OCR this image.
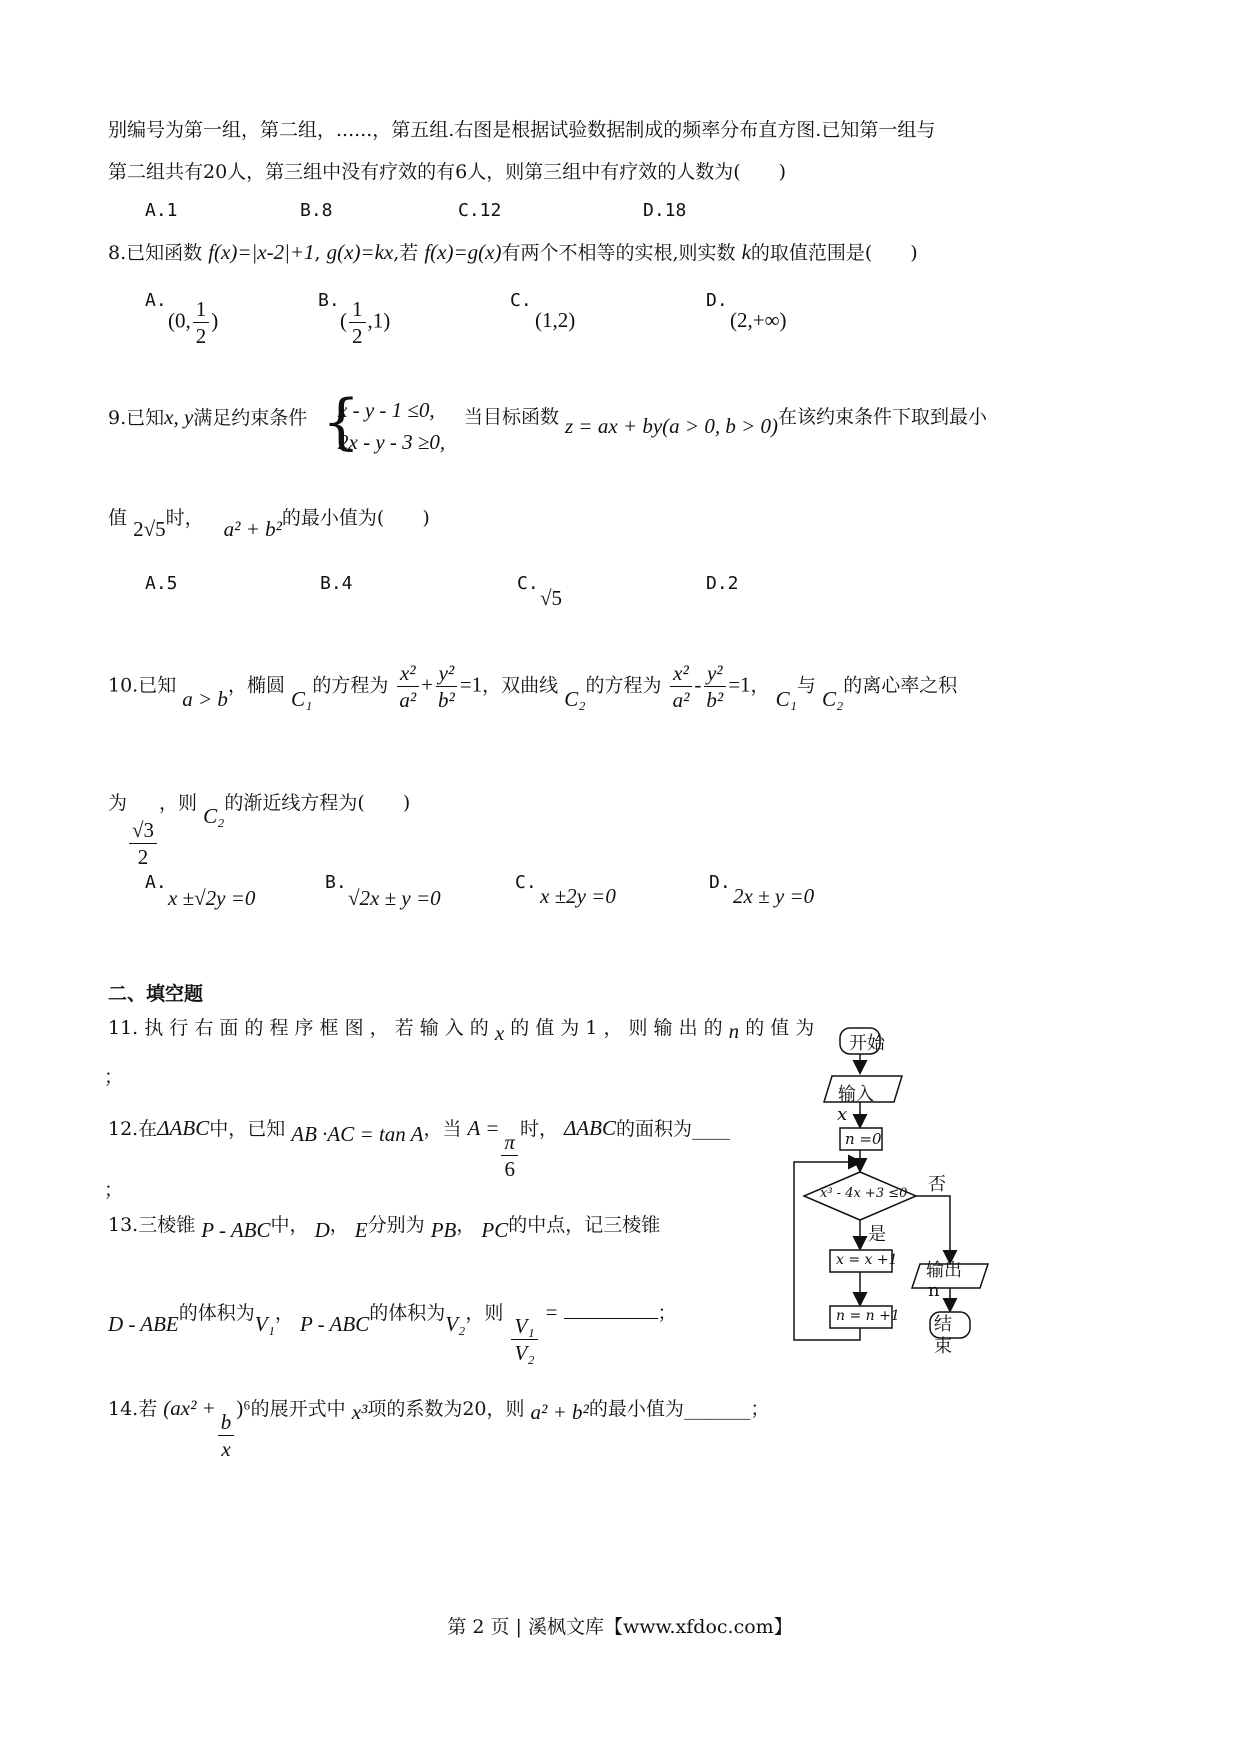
别编号为第一组，第二组，......，第五组.右图是根据试验数据制成的频率分布直方图.已知第一组与
第二组共有20人，第三组中没有疗效的有6人，则第三组中有疗效的人数为(　　)
A.1	B.8	C.12	D.18
8.已知函数 f(x)=|x-2|+1, g(x)=kx,若 f(x)=g(x)有两个不相等的实根,则实数 k的取值范围是(　　)
A.
(0, $\frac{1}{2}$ )
B.
( $\frac{1}{2} ,1$)
C.
(1,2)
D.
(2,+∞)
9.已知x, y满足约束条件 {
x - y - 1 ≤0,
2x - y - 3 ≥0,
当目标函数 z = ax + by(a > 0, b > 0) 在该约束条件下取到最小
值 2√5时， a² + b²的最小值为(　　)
A.5	B.4	C.
√5
D.2
10.已知 a > b，椭圆 C₁的方程为 $\frac{\text{x²}}{\text{a²}} + \frac{\text{y²}}{\text{b²}} =1$，双曲线 C₂的方程为 $\frac{\text{x²}}{\text{a²}} - \frac{\text{y²}}{\text{b²}} =1$， C₁与 C₂的离心率之积
为
$\frac{√3}{2}$
，则 C₂的渐近线方程为(　　)
A.
x ±√2y =0
B.
√2x ± y =0
C.
x ±2y =0
D.
2x ± y =0
二、填空题
11. 执 行 右 面 的 程 序 框 图 ， 若 输 入 的 x 的 值 为 1 ， 则 输 出 的 n 的 值 为
；
12.在ΔABC中，已知 AB ·AC = tan A，当 A =
$\frac{\pi}{6}$ 时， ΔABC的面积为____
；
13.三棱锥 P - ABC中， D， E分别为 PB， PC的中点，记三棱锥
D - ABE的体积为V₁， P - ABC的体积为V₂，则 $\frac{\text{V₁}}{\text{V₂}}$
=	；
14.若 (ax² +
$\frac{b}{x}$
)⁶的展开式中 x³项的系数为20，则 a² + b²的最小值为_______；
开始
输入
x
n =0
x³ - 4x +3 ≤0 否
是
x = x +1
n = n +1
输出
n
结束
第 2 页 | 溪枫文库【www.xfdoc.com】
